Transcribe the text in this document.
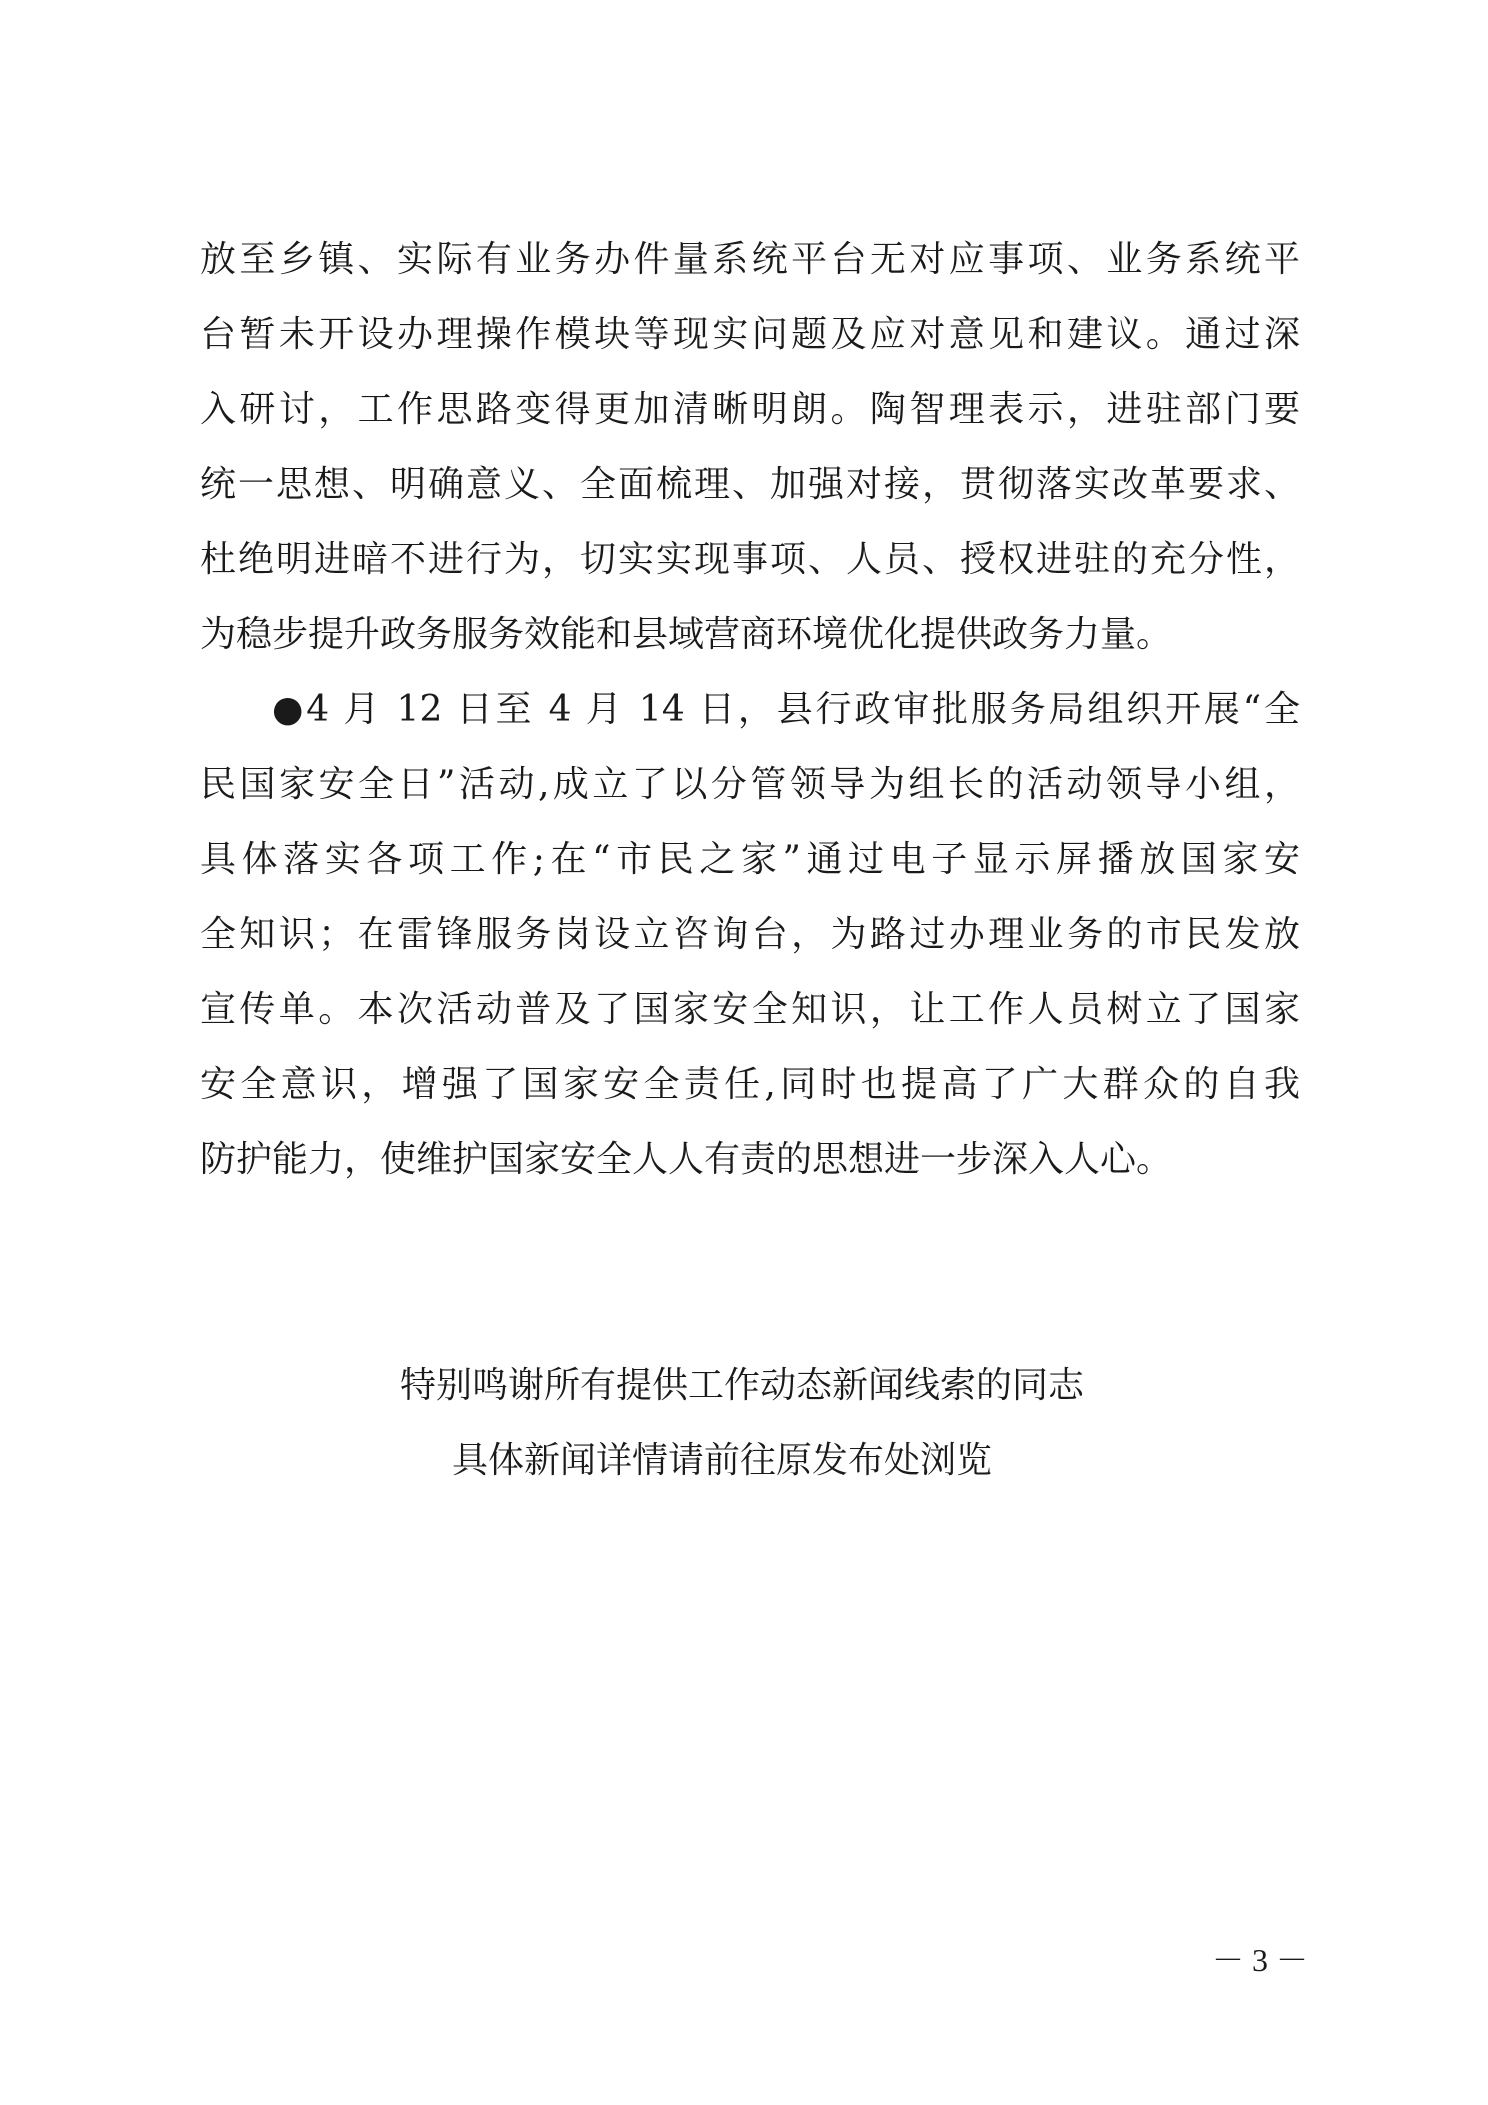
放至乡镇、实际有业务办件量系统平台无对应事项、业务系统平
台暂未开设办理操作模块等现实问题及应对意见和建议。通过深
入研讨，工作思路变得更加清晰明朗。陶智理表示，进驻部门要
统一思想、明确意义、全面梳理、加强对接，贯彻落实改革要求、
杜绝明进暗不进行为，切实实现事项、人员、授权进驻的充分性，
为稳步提升政务服务效能和县域营商环境优化提供政务力量。
●4 月 12 日至 4 月 14 日，县行政审批服务局组织开展“全
民国家安全日”活动,成立了以分管领导为组长的活动领导小组，
具体落实各项工作;在“市民之家”通过电子显示屏播放国家安
全知识；在雷锋服务岗设立咨询台，为路过办理业务的市民发放
宣传单。本次活动普及了国家安全知识，让工作人员树立了国家
安全意识，增强了国家安全责任,同时也提高了广大群众的自我
防护能力，使维护国家安全人人有责的思想进一步深入人心。
特别鸣谢所有提供工作动态新闻线索的同志
具体新闻详情请前往原发布处浏览
－ 3 －
